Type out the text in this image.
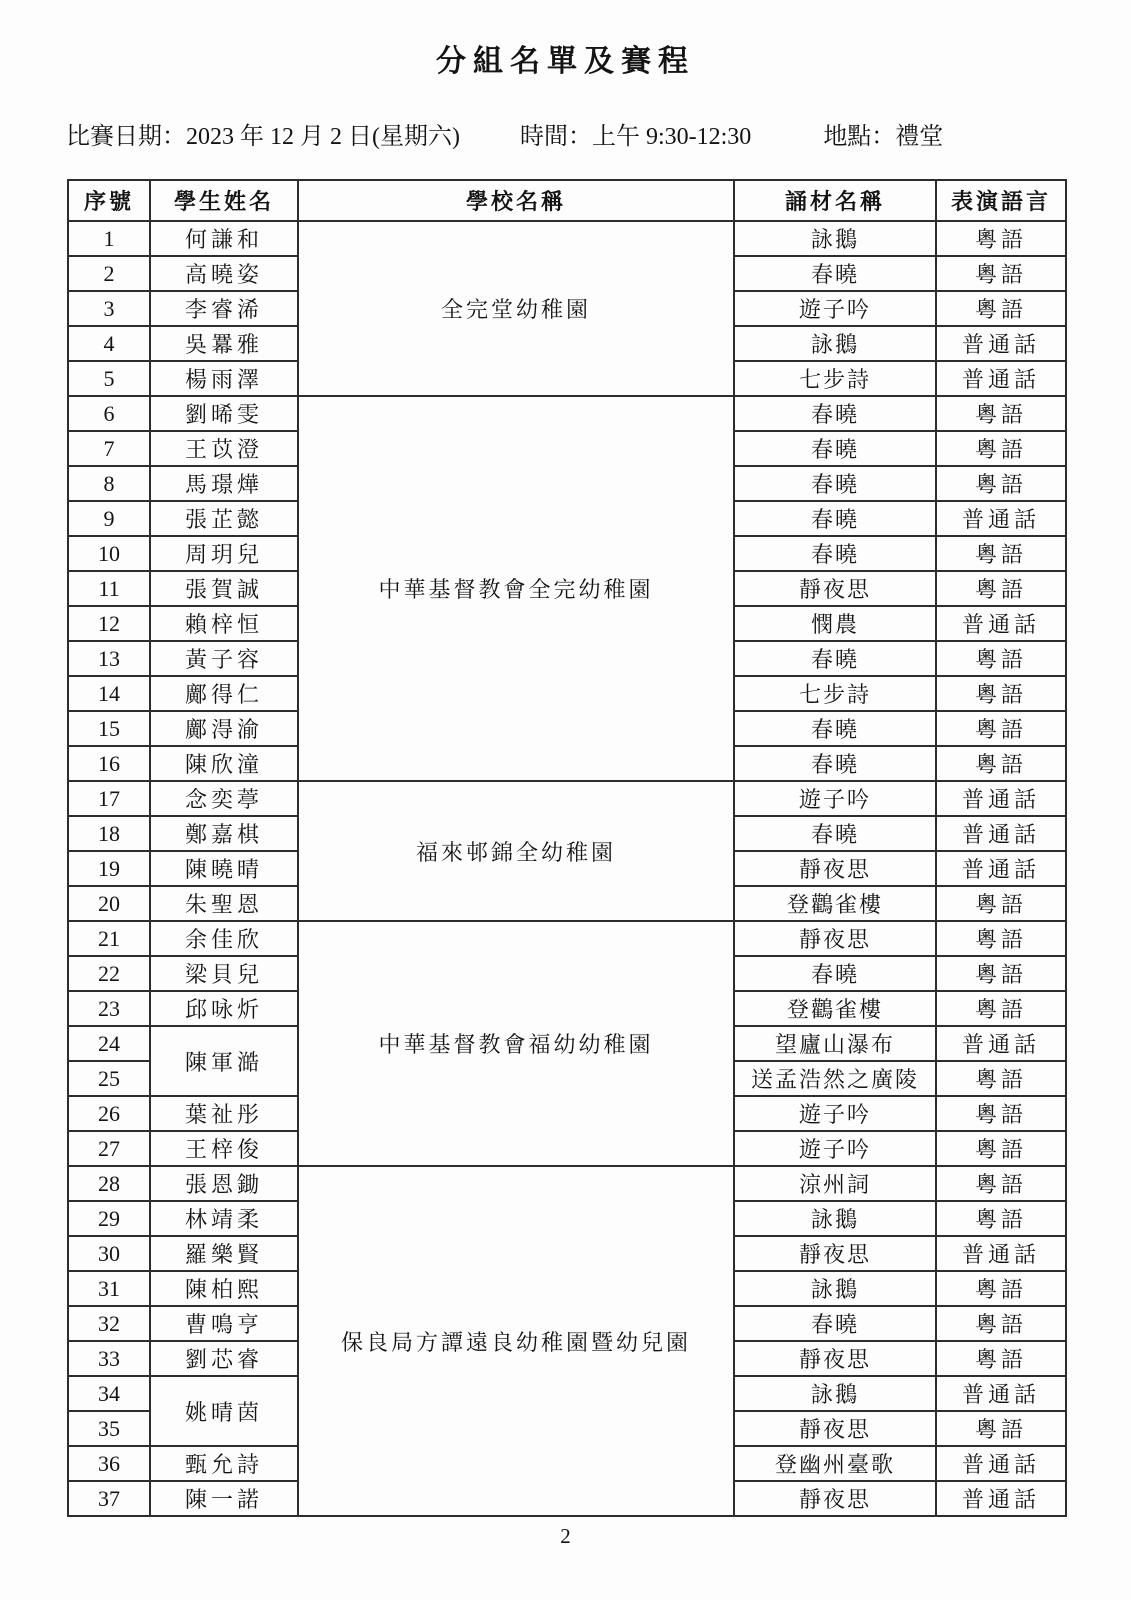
分組名單及賽程
比賽日期：2023 年 12 月 2 日(星期六)	時間：上午 9:30-12:30	地點：禮堂
序號	學生姓名	學校名稱	誦材名稱	表演語言
1	何謙和	全完堂幼稚園	詠鵝	粵語
2	高曉姿		春曉	粵語
3	李睿浠		遊子吟	粵語
4	吳羃雅		詠鵝	普通話
5	楊雨澤		七步詩	普通話
6	劉晞雯	中華基督教會全完幼稚園	春曉	粵語
7	王苡澄		春曉	粵語
8	馬璟燁		春曉	粵語
9	張芷懿		春曉	普通話
10	周玥兒		春曉	粵語
11	張賀誠		靜夜思	粵語
12	賴梓恒		憫農	普通話
13	黃子容		春曉	粵語
14	鄺得仁		七步詩	粵語
15	鄺淂渝		春曉	粵語
16	陳欣潼		春曉	粵語
17	念奕葶	福來邨錦全幼稚園	遊子吟	普通話
18	鄭嘉棋		春曉	普通話
19	陳曉晴		靜夜思	普通話
20	朱聖恩		登鸛雀樓	粵語
21	余佳欣	中華基督教會福幼幼稚園	靜夜思	粵語
22	梁貝兒		春曉	粵語
23	邱咏炘		登鸛雀樓	粵語
24	陳軍澔		望廬山瀑布	普通話
25			送孟浩然之廣陵	粵語
26	葉祉彤		遊子吟	粵語
27	王梓俊		遊子吟	粵語
28	張恩鋤	保良局方譚遠良幼稚園暨幼兒園	涼州詞	粵語
29	林靖柔		詠鵝	粵語
30	羅樂賢		靜夜思	普通話
31	陳柏熙		詠鵝	粵語
32	曹鳴亨		春曉	粵語
33	劉芯睿		靜夜思	粵語
34	姚晴茵		詠鵝	普通話
35			靜夜思	粵語
36	甄允詩		登幽州臺歌	普通話
37	陳一諾		靜夜思	普通話
2
